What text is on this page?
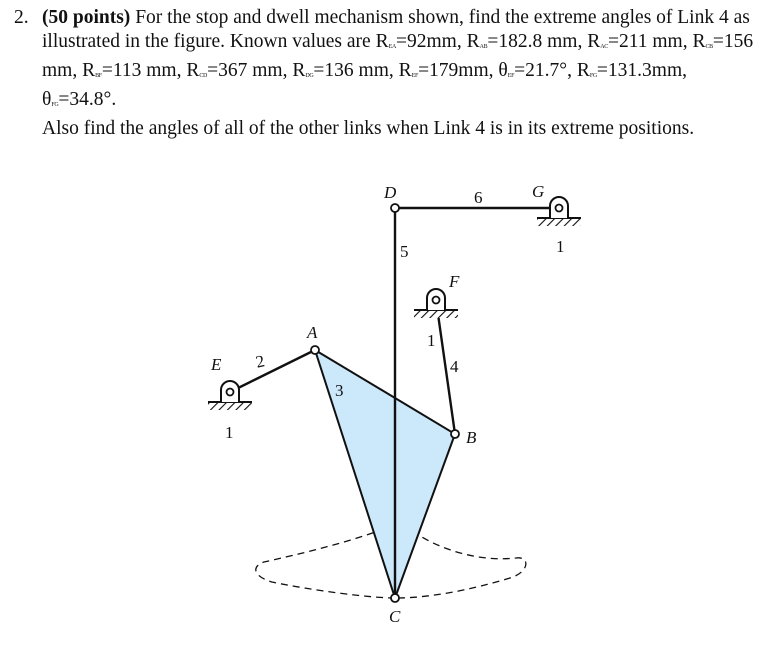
2. (50 points) For the stop and dwell mechanism shown, find the extreme angles of Link 4 as illustrated in the figure. Known values are $R_{EA}=92mm$, $R_{AB}=182.8$ mm, $R_{AC}=211$ mm, $R_{CB}=156$ mm, $R_{BF}=113$ mm, $R_{CD}=367$ mm, $R_{DG}=136$ mm, $R_{EF}=179mm$, $\theta_{EF}=21.7^\circ$, $R_{FG}=131.3mm$, $\theta_{FG}=34.8^\circ$.
Also find the angles of all of the other links when Link 4 is in its extreme positions.
A
B
C
D
E
F
G
1
1
1
2
3
4
5
6
